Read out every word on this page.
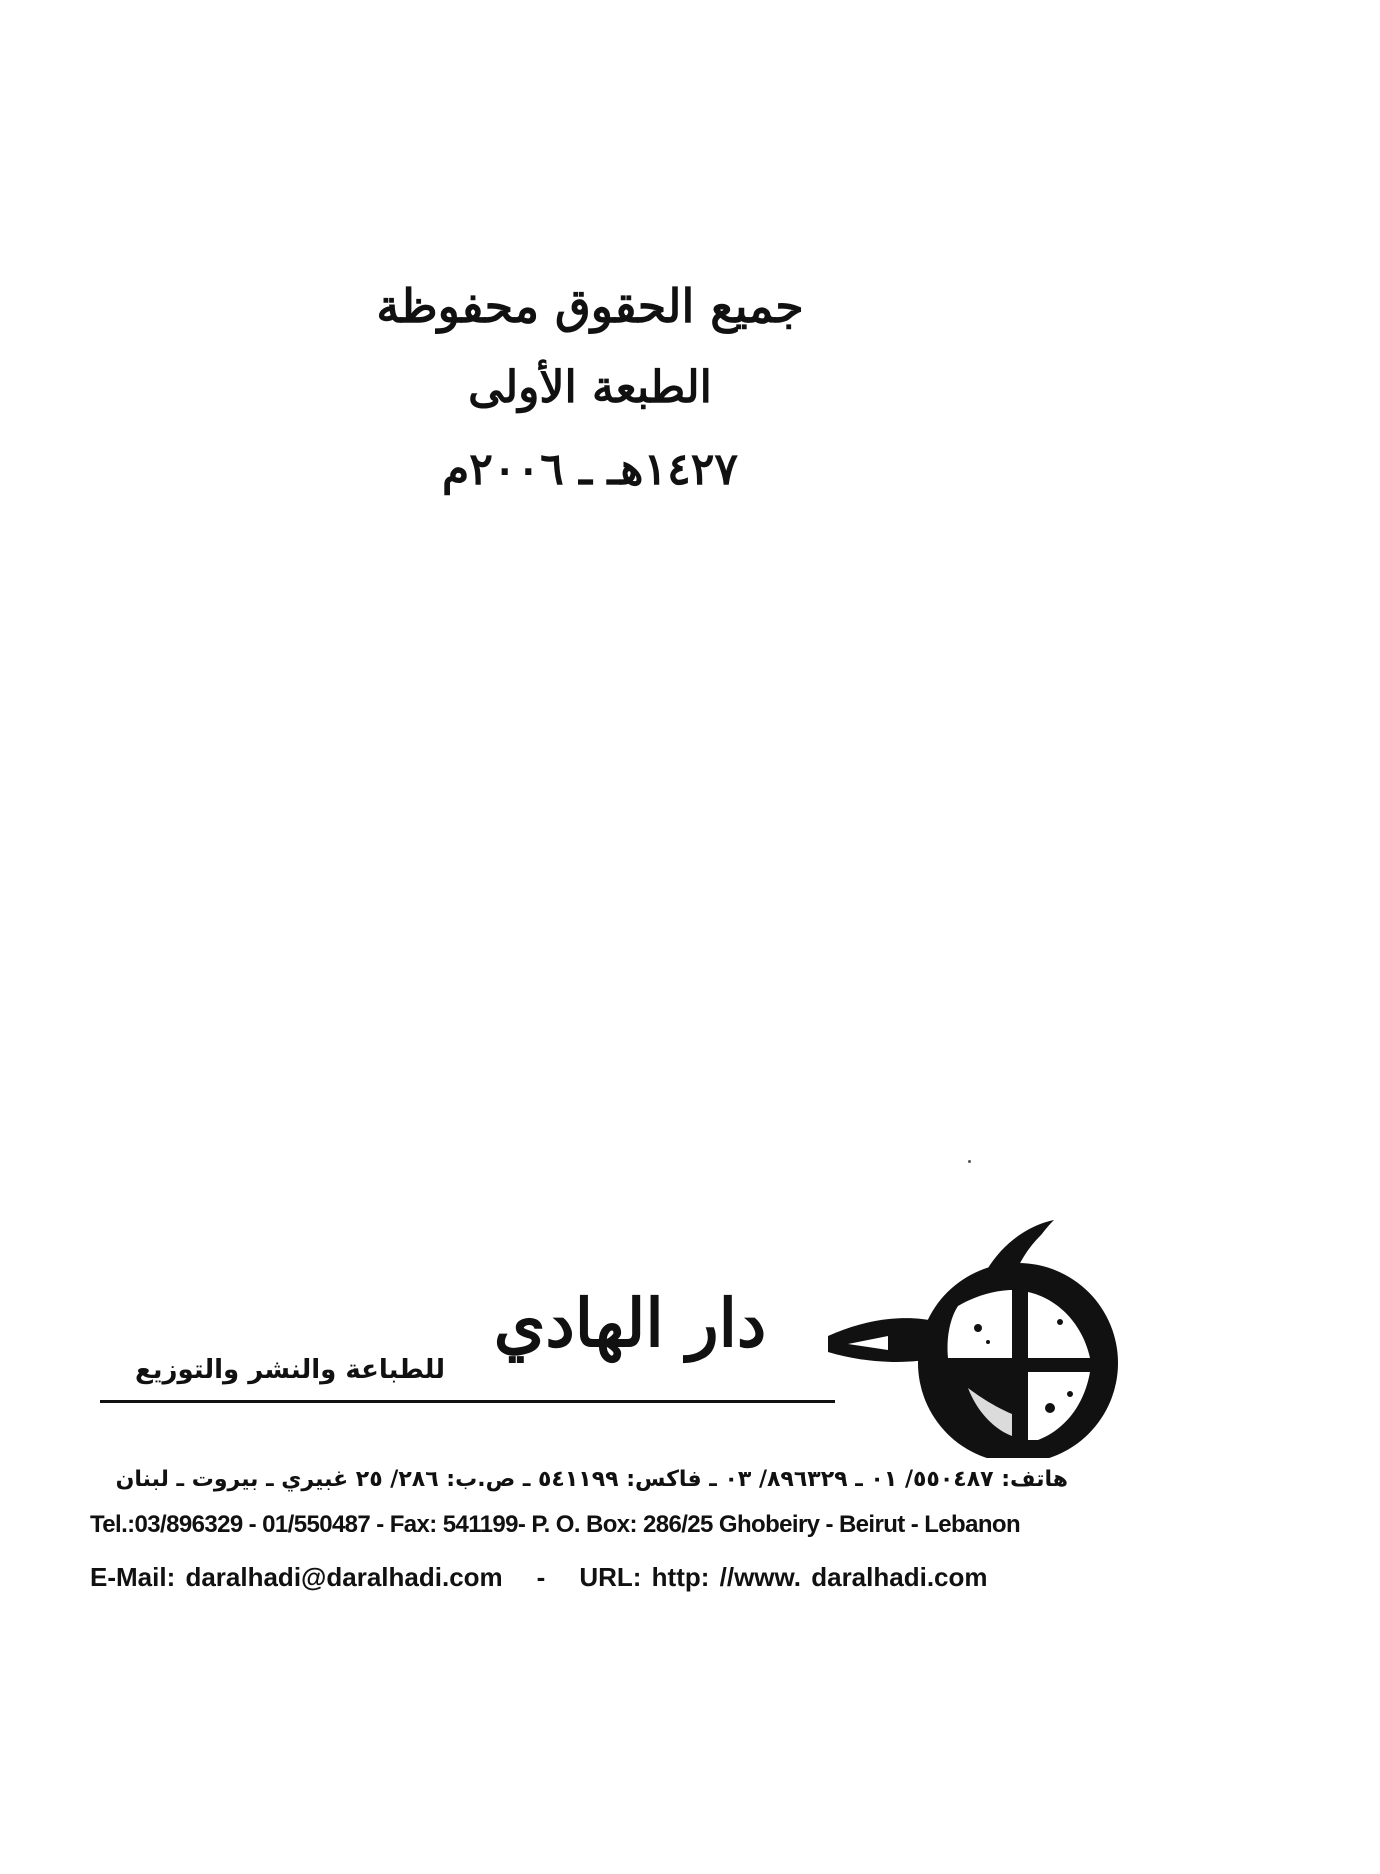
جميع الحقوق محفوظة
الطبعة الأولى
١٤٢٧هـ ـ ٢٠٠٦م
دار الهادي
للطباعة والنشر والتوزيع
هاتف: ٥٥٠٤٨٧/ ٠١ ـ ٨٩٦٣٢٩/ ٠٣ ـ فاكس: ٥٤١١٩٩ ـ ص.ب: ٢٨٦/ ٢٥ غبيري ـ بيروت ـ لبنان
Tel.:03/896329 - 01/550487 - Fax: 541199- P. O. Box: 286/25 Ghobeiry - Beirut - Lebanon
E-Mail: daralhadi@daralhadi.com - URL: http: //www. daralhadi.com
